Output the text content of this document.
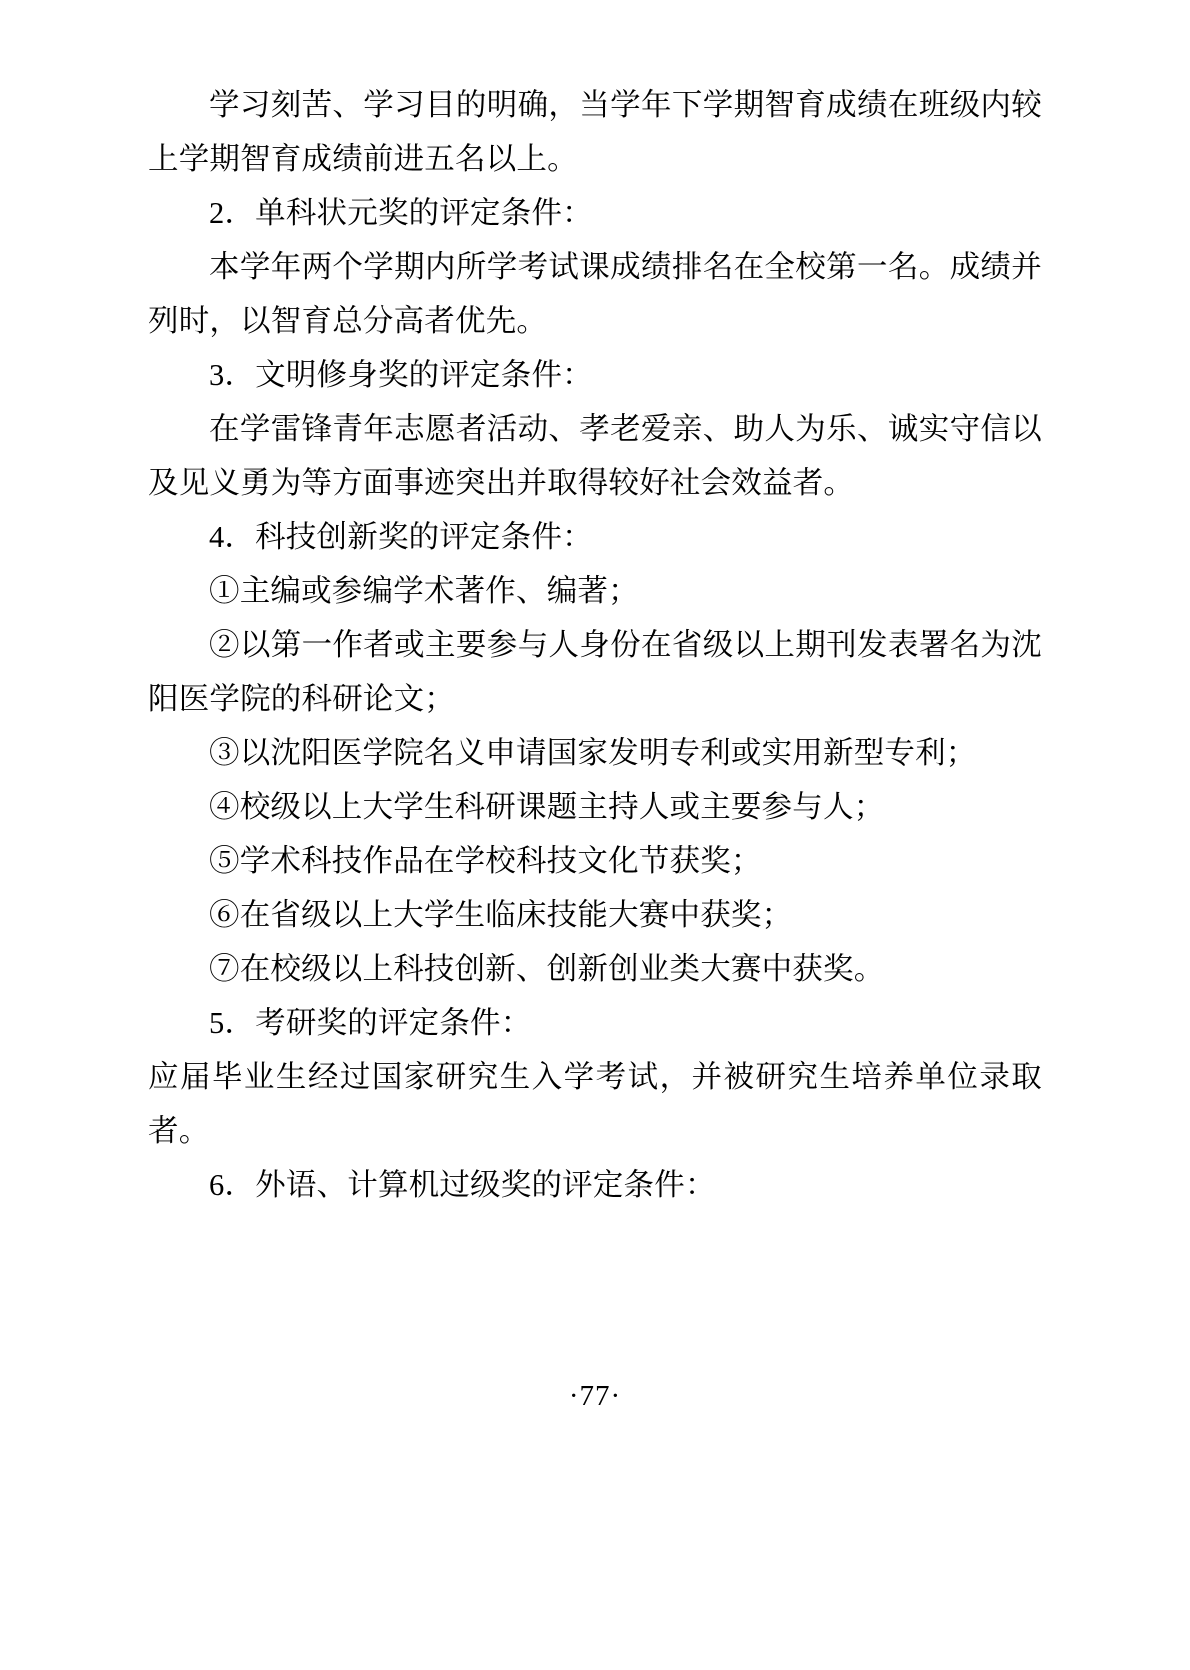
学习刻苦、学习目的明确，当学年下学期智育成绩在班级内较上学期智育成绩前进五名以上。

2．单科状元奖的评定条件：

本学年两个学期内所学考试课成绩排名在全校第一名。成绩并列时，以智育总分高者优先。

3．文明修身奖的评定条件：

在学雷锋青年志愿者活动、孝老爱亲、助人为乐、诚实守信以及见义勇为等方面事迹突出并取得较好社会效益者。

4．科技创新奖的评定条件：

①主编或参编学术著作、编著；

②以第一作者或主要参与人身份在省级以上期刊发表署名为沈阳医学院的科研论文；

③以沈阳医学院名义申请国家发明专利或实用新型专利；

④校级以上大学生科研课题主持人或主要参与人；

⑤学术科技作品在学校科技文化节获奖；

⑥在省级以上大学生临床技能大赛中获奖；

⑦在校级以上科技创新、创新创业类大赛中获奖。

5．考研奖的评定条件：

应届毕业生经过国家研究生入学考试，并被研究生培养单位录取者。

6．外语、计算机过级奖的评定条件：

·77·
